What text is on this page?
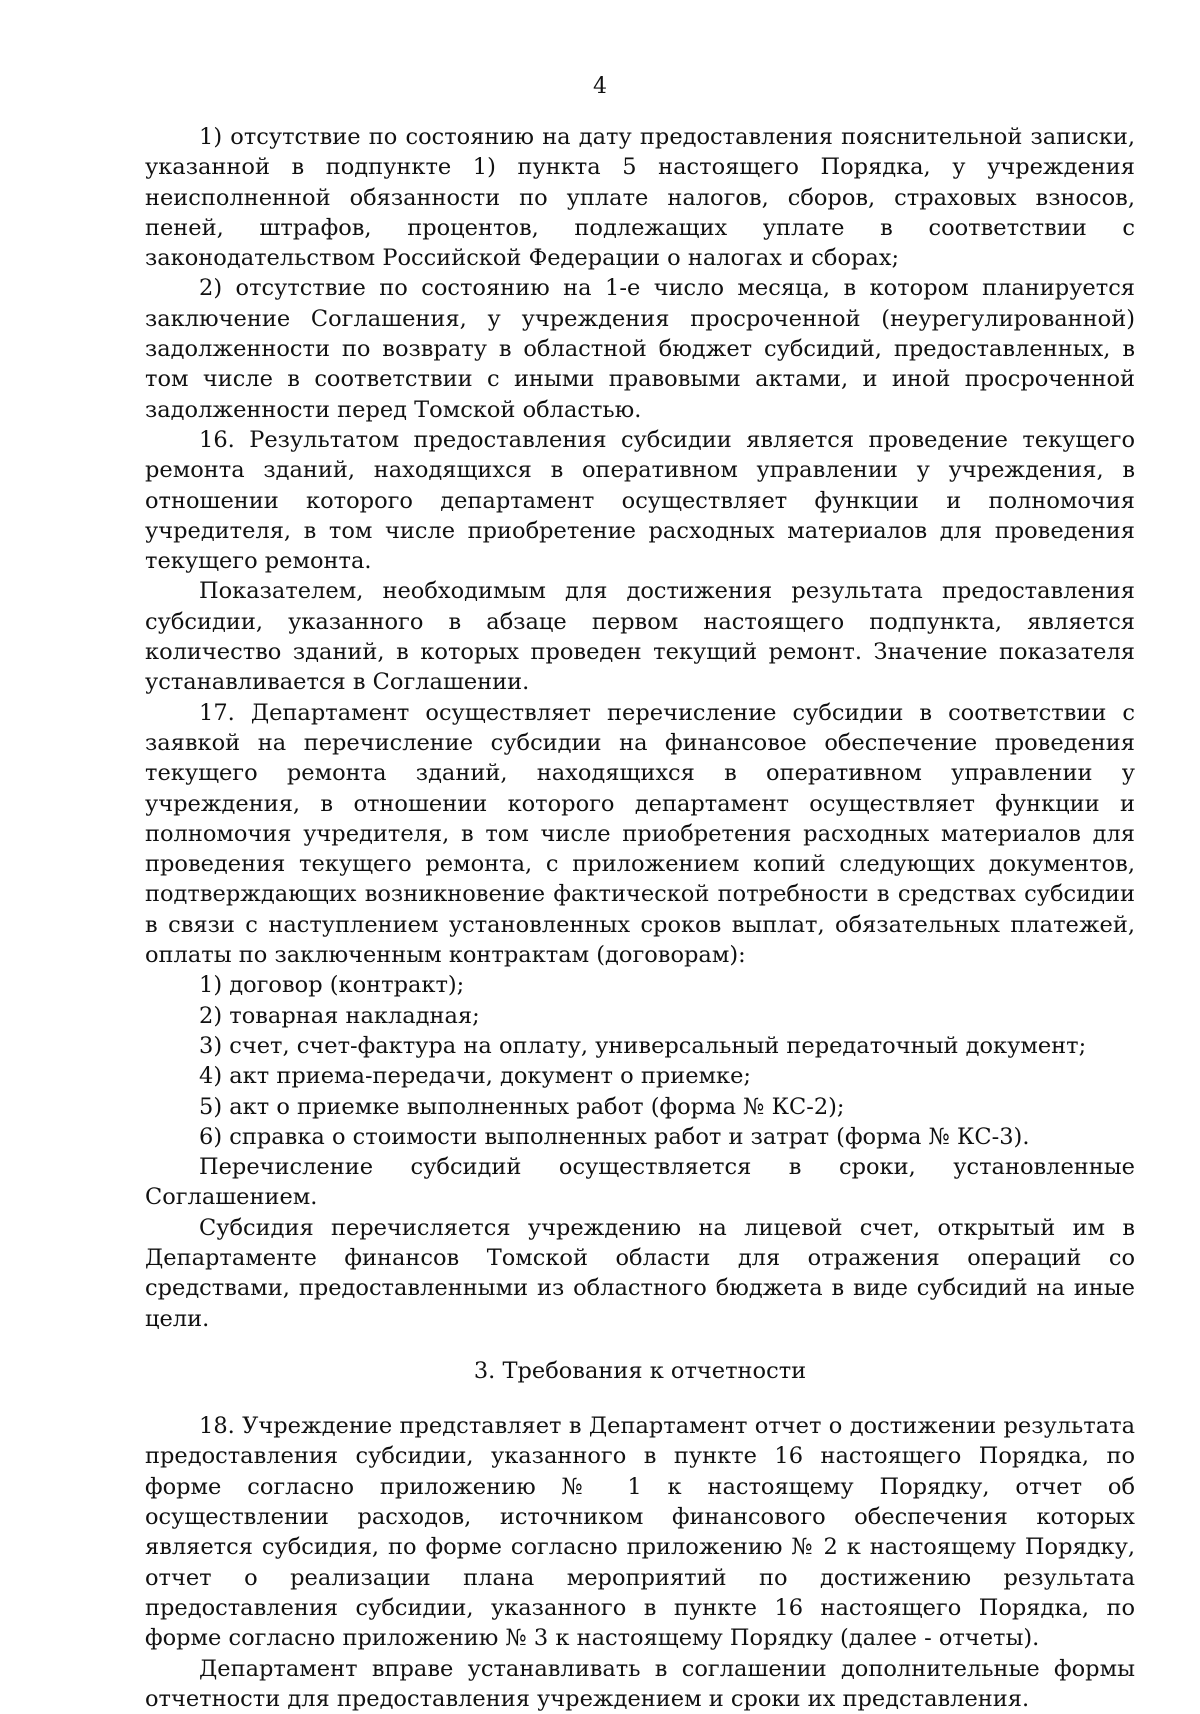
4

1) отсутствие по состоянию на дату предоставления пояснительной записки, указанной в подпункте 1) пункта 5 настоящего Порядка, у учреждения неисполненной обязанности по уплате налогов, сборов, страховых взносов, пеней, штрафов, процентов, подлежащих уплате в соответствии с законодательством Российской Федерации о налогах и сборах;

2) отсутствие по состоянию на 1-е число месяца, в котором планируется заключение Соглашения, у учреждения просроченной (неурегулированной) задолженности по возврату в областной бюджет субсидий, предоставленных, в том числе в соответствии с иными правовыми актами, и иной просроченной задолженности перед Томской областью.

16. Результатом предоставления субсидии является проведение текущего ремонта зданий, находящихся в оперативном управлении у учреждения, в отношении которого департамент осуществляет функции и полномочия учредителя, в том числе приобретение расходных материалов для проведения текущего ремонта.

Показателем, необходимым для достижения результата предоставления субсидии, указанного в абзаце первом настоящего подпункта, является количество зданий, в которых проведен текущий ремонт. Значение показателя устанавливается в Соглашении.

17. Департамент осуществляет перечисление субсидии в соответствии с заявкой на перечисление субсидии на финансовое обеспечение проведения текущего ремонта зданий, находящихся в оперативном управлении у учреждения, в отношении которого департамент осуществляет функции и полномочия учредителя, в том числе приобретения расходных материалов для проведения текущего ремонта, с приложением копий следующих документов, подтверждающих возникновение фактической потребности в средствах субсидии в связи с наступлением установленных сроков выплат, обязательных платежей, оплаты по заключенным контрактам (договорам):

1) договор (контракт);

2) товарная накладная;

3) счет, счет-фактура на оплату, универсальный передаточный документ;

4) акт приема-передачи, документ о приемке;

5) акт о приемке выполненных работ (форма № КС-2);

6) справка о стоимости выполненных работ и затрат (форма № КС-3).

Перечисление субсидий осуществляется в сроки, установленные Соглашением.

Субсидия перечисляется учреждению на лицевой счет, открытый им в Департаменте финансов Томской области для отражения операций со средствами, предоставленными из областного бюджета в виде субсидий на иные цели.

3. Требования к отчетности

18. Учреждение представляет в Департамент отчет о достижении результата предоставления субсидии, указанного в пункте 16 настоящего Порядка, по форме согласно приложению № 1 к настоящему Порядку, отчет об осуществлении расходов, источником финансового обеспечения которых является субсидия, по форме согласно приложению № 2 к настоящему Порядку, отчет о реализации плана мероприятий по достижению результата предоставления субсидии, указанного в пункте 16 настоящего Порядка, по форме согласно приложению № 3 к настоящему Порядку (далее - отчеты).

Департамент вправе устанавливать в соглашении дополнительные формы отчетности для предоставления учреждением и сроки их представления.
